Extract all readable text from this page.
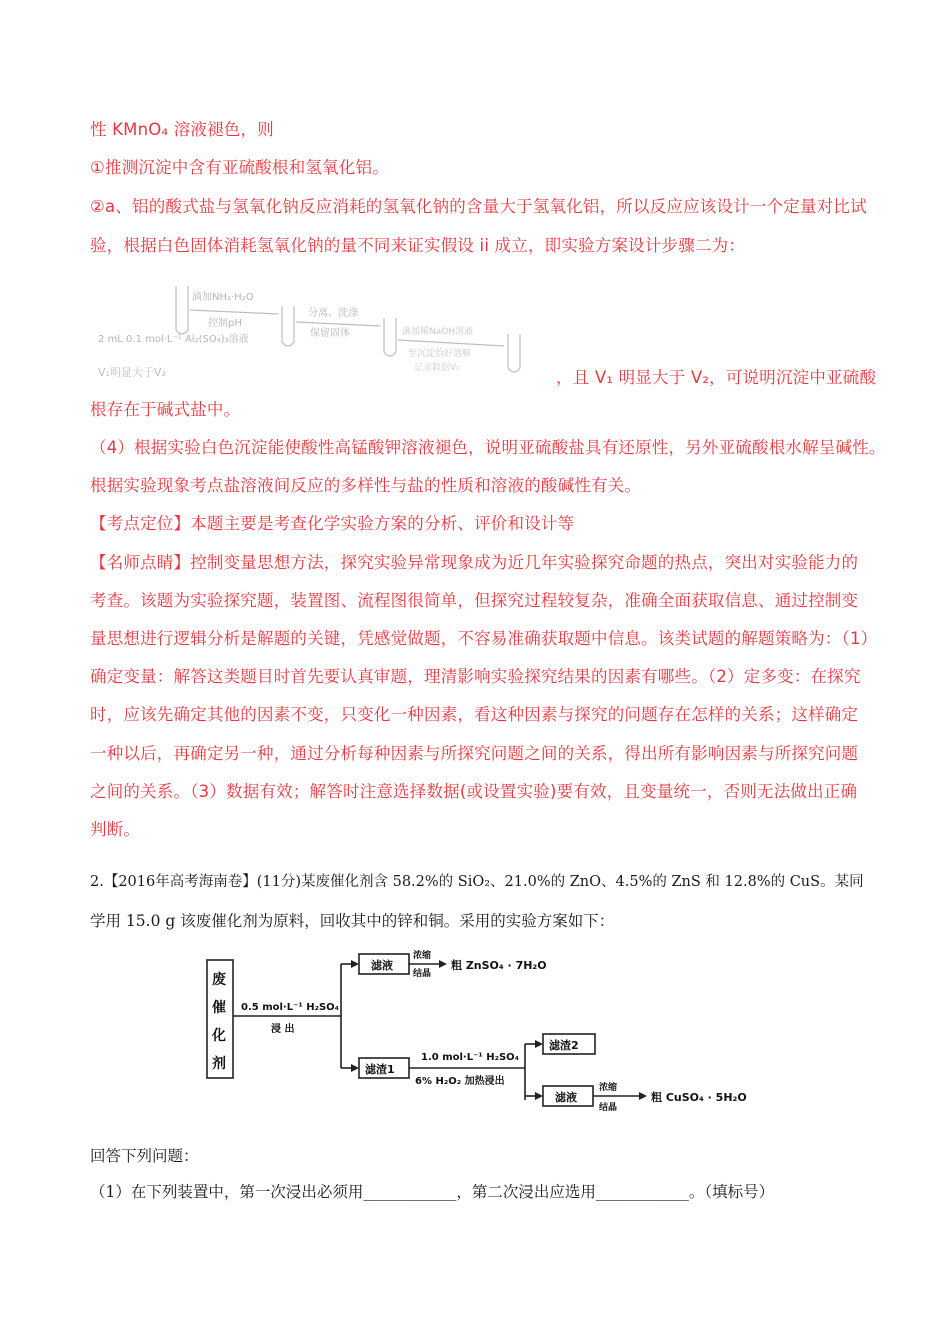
性 KMnO₄ 溶液褪色，则
①推测沉淀中含有亚硫酸根和氢氧化铝。
②a、铝的酸式盐与氢氧化钠反应消耗的氢氧化钠的含量大于氢氧化铝，所以反应应该设计一个定量对比试
验，根据白色固体消耗氢氧化钠的量不同来证实假设 ii 成立，即实验方案设计步骤二为：
滴加NH₃·H₂O
控制pH
分离、洗涤
保留固体	滴加稀NaOH溶液
至沉淀恰好溶解
记录数据V₂
2 mL 0.1 mol·L⁻¹ Al₂(SO₄)₃溶液
V₁明显大于V₂	，且 V₁ 明显大于 V₂，可说明沉淀中亚硫酸
根存在于碱式盐中。
（4）根据实验白色沉淀能使酸性高锰酸钾溶液褪色，说明亚硫酸盐具有还原性，另外亚硫酸根水解呈碱性。
根据实验现象考点盐溶液间反应的多样性与盐的性质和溶液的酸碱性有关。
【考点定位】本题主要是考查化学实验方案的分析、评价和设计等
【名师点睛】控制变量思想方法，探究实验异常现象成为近几年实验探究命题的热点，突出对实验能力的
考查。该题为实验探究题，装置图、流程图很简单，但探究过程较复杂，准确全面获取信息、通过控制变
量思想进行逻辑分析是解题的关键，凭感觉做题，不容易准确获取题中信息。该类试题的解题策略为：（1）
确定变量：解答这类题目时首先要认真审题，理清影响实验探究结果的因素有哪些。（2）定多变：在探究
时，应该先确定其他的因素不变，只变化一种因素，看这种因素与探究的问题存在怎样的关系；这样确定
一种以后，再确定另一种，通过分析每种因素与所探究问题之间的关系，得出所有影响因素与所探究问题
之间的关系。（3）数据有效；解答时注意选择数据(或设置实验)要有效，且变量统一，否则无法做出正确
判断。
2.【2016年高考海南卷】(11分)某废催化剂含 58.2%的 SiO₂、21.0%的 ZnO、4.5%的 ZnS 和 12.8%的 CuS。某同
学用 15.0 g 该废催化剂为原料，回收其中的锌和铜。采用的实验方案如下：
废
催
化
剂
0.5 mol·L⁻¹ H₂SO₄
浸 出
滤液
浓缩
结晶
粗 ZnSO₄ · 7H₂O
滤渣1
1.0 mol·L⁻¹ H₂SO₄
6% H₂O₂ 加热浸出
滤渣2
滤液
浓缩
结晶
粗 CuSO₄ · 5H₂O
回答下列问题：
（1）在下列装置中，第一次浸出必须用____________，第二次浸出应选用____________。（填标号）
